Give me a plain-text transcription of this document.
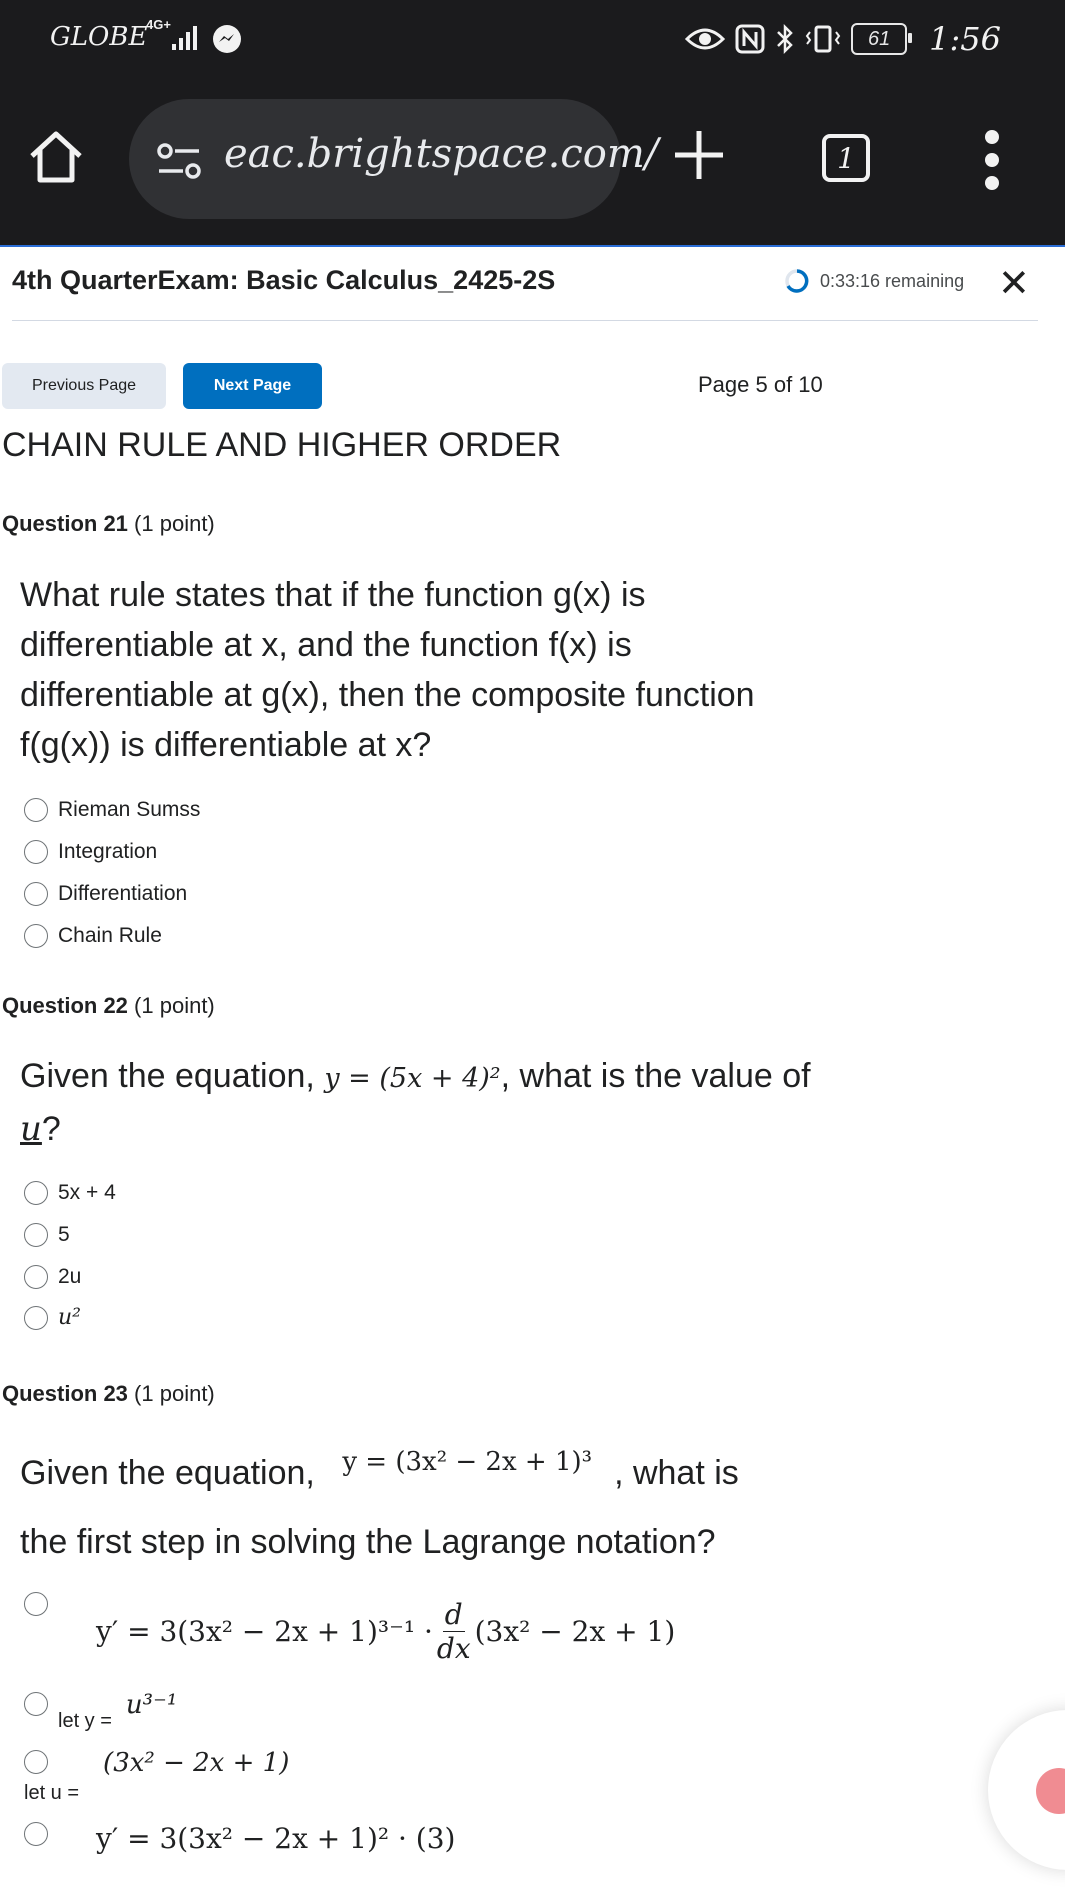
GLOBE
4G+
61 1:56
eac.brightspace.com/	1
4th QuarterExam: Basic Calculus_2425-2S	0:33:16 remaining ✕
Previous Page	Next Page	Page 5 of 10
CHAIN RULE AND HIGHER ORDER
Question 21 (1 point)
What rule states that if the function g(x) is differentiable at x, and the function f(x) is differentiable at g(x), then the composite function f(g(x)) is differentiable at x?
Rieman Sumss
Integration
Differentiation
Chain Rule
Question 22 (1 point)
Given the equation, y = (5x + 4)², what is the value of
u?
5x + 4
5
2u
u²
Question 23 (1 point)
Given the equation, $^{y = (3x^2 - 2x + 1)^3}$ , what is
the first step in solving the Lagrange notation?
$y' = 3(3x^2 - 2x + 1)^{3-1} \cdot \frac{d}{dx} (3x^2 - 2x + 1)$
let y =
u³⁻¹
let u =
(3x² − 2x + 1)
y′ = 3(3x² − 2x + 1)² · (3)
